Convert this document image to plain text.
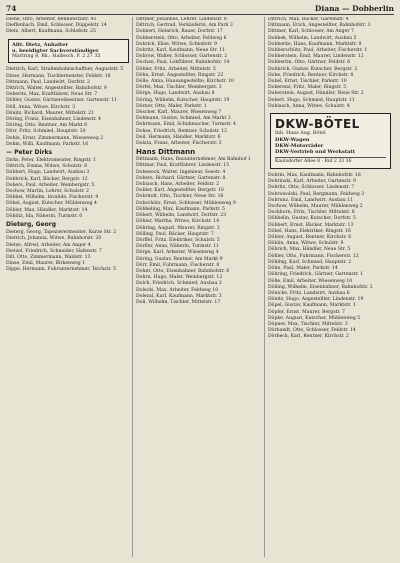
74	Diana — Dobberlin

Diene, Otto, Arbeiter, Bennewitzstr. 41

Dieffenbach, Emil, Schlosser, Düppelstr. 14

Dietz, Albert, Kaufmann, Schloßstr. 25

Alfr. Dietz, Anhalter
u. beeidigter Sachverständiger
Marlring 8, Bk.: Hallesch. F. 2 27 35

Dietrich, Karl, Straßenbahnschaffner, Auguststr. 5

Dinse, Hermann, Tischlermeister, Feldstr. 18

Dittmann, Paul, Landwirt, Dorfstr. 2

Dittrich, Walter, Angestellter, Bahnhofstr. 9

Doberitz, Max, Kraftfahrer, Neue Str. 7

Döhler, Gustav, Gärtnereibesitzer, Gartenstr. 11

Döll, Anna, Witwe, Kirchstr. 3

Dönitz, Richard, Maurer, Mittelstr. 21

Döring, Franz, Eisenbahner, Lindenstr. 4

Döring, Otto, Rentner, Am Markt 6

Dörr, Fritz, Schmied, Hauptstr. 30

Dohle, Ernst, Zimmermann, Wiesenweg 2

Dohm, Willi, Kaufmann, Parkstr. 16

— Peter Dirks

Dirks, Peter, Elektromeister, Ringstr. 1

Dittrich, Emma, Witwe, Schulstr. 8

Dobbert, Hugo, Landwirt, Ausbau 3

Dobbrick, Karl, Bäcker, Bergstr. 12

Dobers, Paul, Arbeiter, Weinbergstr. 5

Dochow, Martin, Lehrer, Schulstr. 2

Döbbel, Wilhelm, Invalide, Fischerstr. 9

Döbel, August, Kutscher, Mühlenweg 4

Döbler, Max, Händler, Marktstr. 14

Döblitz, Ida, Näherin, Turmstr. 6

Dieterg, Georg

Dieterg, Georg, Tapezierermeister, Kurze Str. 2

Dietrich, Johanna, Witwe, Bahnhofstr. 20

Dietze, Alfred, Arbeiter, Am Anger 4

Dietzel, Friedrich, Schneider, Hafenstr. 7

Dill, Otto, Zimmermann, Waldstr. 13

Dinse, Emil, Maurer, Birkenweg 1

Dippe, Hermann, Fuhrunternehmer, Teichstr. 5

Dittmer, Johannes, Lehrer, Lindenstr. 8

Dittrich, Gertrud, Verkäuferin, Am Park 3

Dobbert, Heinrich, Bauer, Dorfstr. 17

Dobberstein, Otto, Arbeiter, Feldweg 6

Dobrick, Elise, Witwe, Schloßstr. 9

Dobritz, Karl, Kaufmann, Neue Str. 11

Dobrow, Walter, Schlosser, Gartenstr. 2

Dochan, Paul, Lokführer, Bahnhofstr. 14

Döbler, Fritz, Arbeiter, Mittelstr. 5

Döhn, Ernst, Angestellter, Ringstr. 22

Dölle, Anna, Hausangestellte, Kirchstr. 10

Dörfel, Max, Tischler, Weinbergstr. 3

Dörge, Hugo, Landwirt, Ausbau 8

Döring, Wilhelm, Kutscher, Hauptstr. 19

Dörner, Otto, Maler, Parkstr. 1

Döscher, Karl, Maurer, Wiesenweg 7

Dohmann, Gustav, Schmied, Am Markt 2

Dohrmann, Emil, Schuhmacher, Turmstr. 4

Dohse, Friedrich, Rentner, Schulstr. 12

Doil, Hermann, Händler, Marktstr. 6

Dolata, Franz, Arbeiter, Fischerstr. 3

Hans Dittmann

Dittmann, Hans, Bauunternehmer, Am Bahnhof 1

Dittmar, Paul, Kraftfahrer, Lindenstr. 15

Dobeneck, Walter, Ingenieur, Seestr. 4

Dobers, Richard, Gärtner, Gartenstr. 8

Dobiasch, Hans, Arbeiter, Feldstr. 2

Dobler, Karl, Angestellter, Bergstr. 10

Dobrindt, Otto, Tischler, Neue Str. 16

Dobschütz, Ernst, Schlosser, Mühlenweg 9

Döbbeling, Max, Kaufmann, Parkstr. 5

Döbert, Wilhelm, Landwirt, Dorfstr. 23

Döhler, Martha, Witwe, Kirchstr. 14

Döhring, August, Maurer, Ringstr. 3

Dölling, Paul, Bäcker, Hauptstr. 7

Dörffel, Fritz, Elektriker, Schulstr. 5

Dörfler, Anna, Näherin, Turmstr. 11

Dörge, Karl, Arbeiter, Wiesenweg 4

Döring, Gustav, Rentner, Am Markt 9

Dörr, Emil, Fuhrmann, Fischerstr. 8

Dohnt, Otto, Eisenbahner, Bahnhofstr. 6

Dohrn, Hugo, Maler, Weinbergstr. 12

Dolch, Friedrich, Schmied, Ausbau 2

Dolecki, Max, Arbeiter, Feldweg 10

Dolezal, Karl, Kaufmann, Marktstr. 3

Doll, Wilhelm, Tischler, Mittelstr. 17

Dittrich, Max, Bäcker, Gartenstr. 4

Dittmann, Erich, Angestellter, Bahnhofstr. 3

Dittmer, Karl, Schlosser, Am Anger 7

Dobbek, Wilhelm, Landwirt, Ausbau 5

Dobberke, Hans, Kaufmann, Marktstr. 9

Dobberschütz, Paul, Arbeiter, Fischerstr. 1

Dobberstein, Emil, Maurer, Lindenstr. 12

Dobbertin, Otto, Gärtner, Feldstr. 6

Dobbrick, Gustav, Kutscher, Bergstr. 2

Dobe, Friedrich, Rentner, Kirchstr. 8

Dobel, Ernst, Tischler, Parkstr. 10

Doberenz, Fritz, Maler, Ringstr. 5

Doberstein, August, Händler, Neue Str. 2

Dobert, Hugo, Schmied, Hauptstr. 11

Dobiasch, Anna, Witwe, Schulstr. 4

DKW-BÖTEL
Inh. Hans Aug. Bötel
DKW-Wagen
DKW-Motorräder
DKW-Vertrieb und Werkstatt
Kaulsdorfer Allee 8 · Ruf 2 33 36

Dobrin, Max, Kaufmann, Bahnhofstr. 18

Dobrinski, Karl, Arbeiter, Gartenstr. 9

Dobritz, Otto, Schlosser, Lindenstr. 7

Dobrowolski, Paul, Bergmann, Feldweg 3

Dobrunz, Emil, Landwirt, Ausbau 11

Dochow, Wilhelm, Maurer, Mühlenweg 2

Dockhorn, Fritz, Tischler, Mittelstr. 8

Döbbelin, Gustav, Kutscher, Dorfstr. 5

Döbbert, Ernst, Bäcker, Marktstr. 13

Döbel, Hans, Elektriker, Ringstr. 16

Döbler, August, Rentner, Kirchstr. 6

Döblin, Anna, Witwe, Schulstr. 9

Döbrich, Max, Händler, Neue Str. 5

Döhler, Otto, Fuhrmann, Fischerstr. 12

Döhling, Karl, Schmied, Hauptstr. 2

Döhn, Paul, Maler, Parkstr. 14

Döhring, Friedrich, Gärtner, Gartenstr. 1

Dölle, Emil, Arbeiter, Wiesenweg 10

Dölling, Wilhelm, Eisenbahner, Bahnhofstr. 2

Dönicke, Fritz, Landwirt, Ausbau 6

Dönitz, Hugo, Angestellter, Lindenstr. 19

Döpel, Gustav, Kaufmann, Marktstr. 1

Döpfer, Ernst, Maurer, Bergstr. 7

Döpke, August, Kutscher, Mühlenweg 5

Döpner, Max, Tischler, Mittelstr. 3

Dörbandt, Otto, Schlosser, Feldstr. 14

Dörbeck, Karl, Rentner, Kirchstr. 2
